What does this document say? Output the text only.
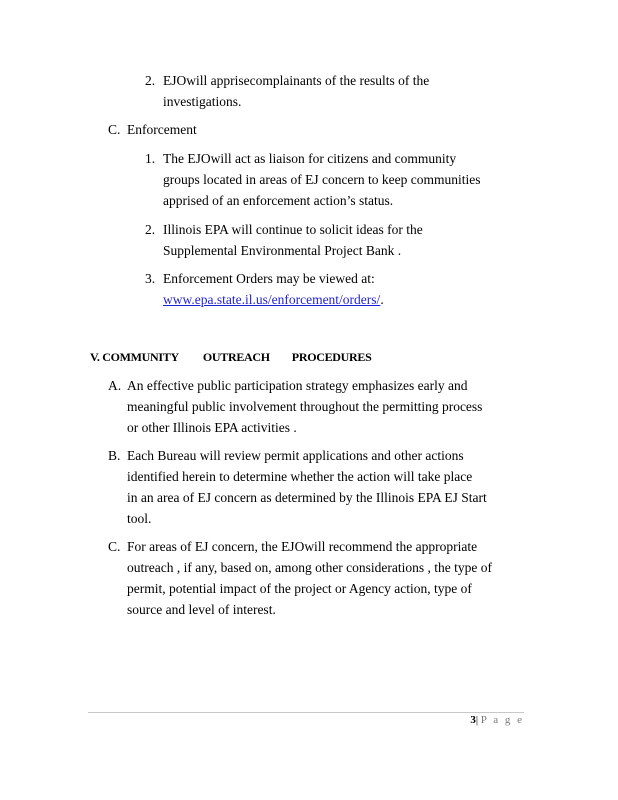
2. EJOwill apprisecomplainants of the results of the
investigations.
C. Enforcement
1. The EJOwill act as liaison for citizens and community
groups located in areas of EJ concern to keep communities
apprised of an enforcement action’s status.
2. Illinois EPA will continue to solicit ideas for the
Supplemental Environmental Project Bank .
3. Enforcement Orders may be viewed at:
www.epa.state.il.us/enforcement/orders/.
V. COMMUNITY OUTREACH PROCEDURES
A. An effective public participation strategy emphasizes early and
meaningful public involvement throughout the permitting process
or other Illinois EPA activities .
B. Each Bureau will review permit applications and other actions
identified herein to determine whether the action will take place
in an area of EJ concern as determined by the Illinois EPA EJ Start
tool.
C. For areas of EJ concern, the EJOwill recommend the appropriate
outreach , if any, based on, among other considerations , the type of
permit, potential impact of the project or Agency action, type of
source and level of interest.
3| P a g e
